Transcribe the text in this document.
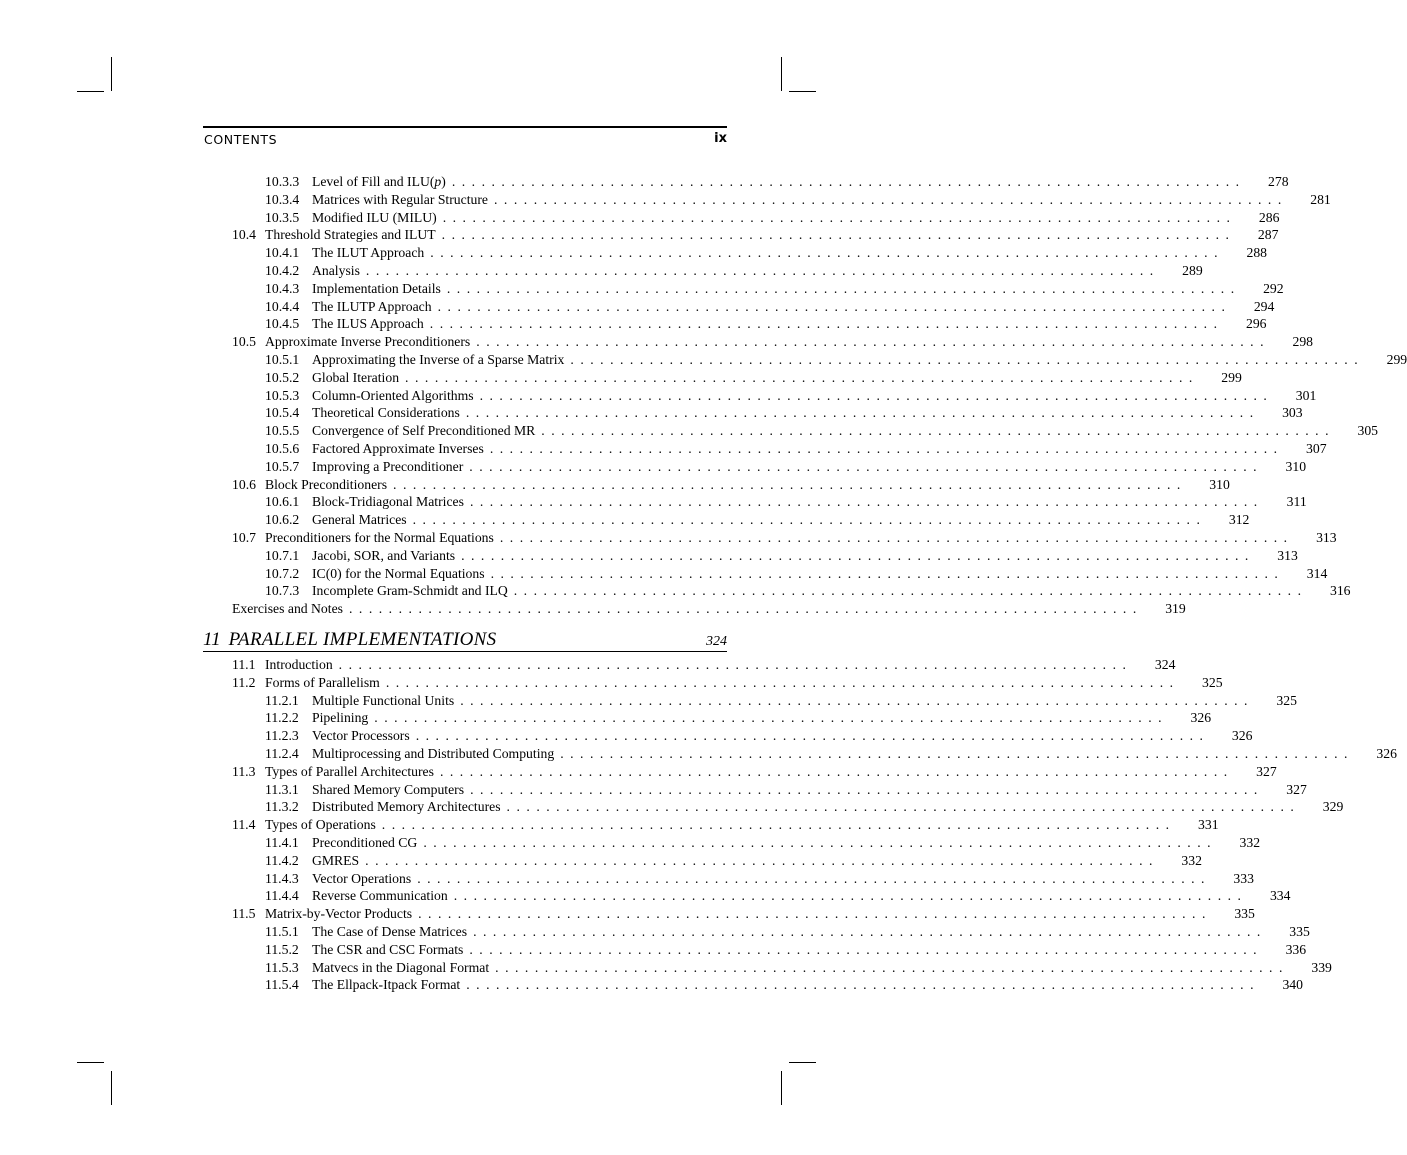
CONTENTS	ix
10.3.3 Level of Fill and ILU(p) ................................................................................	278
10.3.4 Matrices with Regular Structure ................................................................................	281
10.3.5 Modified ILU (MILU) ................................................................................	286
10.4 Threshold Strategies and ILUT ................................................................................	287
10.4.1 The ILUT Approach ................................................................................	288
10.4.2 Analysis ................................................................................	289
10.4.3 Implementation Details ................................................................................	292
10.4.4 The ILUTP Approach ................................................................................	294
10.4.5 The ILUS Approach ................................................................................	296
10.5 Approximate Inverse Preconditioners ................................................................................	298
10.5.1 Approximating the Inverse of a Sparse Matrix ................................................................................	299
10.5.2 Global Iteration ................................................................................	299
10.5.3 Column-Oriented Algorithms ................................................................................	301
10.5.4 Theoretical Considerations ................................................................................	303
10.5.5 Convergence of Self Preconditioned MR ................................................................................	305
10.5.6 Factored Approximate Inverses ................................................................................	307
10.5.7 Improving a Preconditioner ................................................................................	310
10.6 Block Preconditioners ................................................................................	310
10.6.1 Block-Tridiagonal Matrices ................................................................................	311
10.6.2 General Matrices ................................................................................	312
10.7 Preconditioners for the Normal Equations ................................................................................	313
10.7.1 Jacobi, SOR, and Variants ................................................................................	313
10.7.2 IC(0) for the Normal Equations ................................................................................	314
10.7.3 Incomplete Gram-Schmidt and ILQ ................................................................................	316
Exercises and Notes ................................................................................	319
11 PARALLEL IMPLEMENTATIONS	324
11.1 Introduction ................................................................................	324
11.2 Forms of Parallelism ................................................................................	325
11.2.1 Multiple Functional Units ................................................................................	325
11.2.2 Pipelining ................................................................................	326
11.2.3 Vector Processors ................................................................................	326
11.2.4 Multiprocessing and Distributed Computing ................................................................................	326
11.3 Types of Parallel Architectures ................................................................................	327
11.3.1 Shared Memory Computers ................................................................................	327
11.3.2 Distributed Memory Architectures ................................................................................	329
11.4 Types of Operations ................................................................................	331
11.4.1 Preconditioned CG ................................................................................	332
11.4.2 GMRES ................................................................................	332
11.4.3 Vector Operations ................................................................................	333
11.4.4 Reverse Communication ................................................................................	334
11.5 Matrix-by-Vector Products ................................................................................	335
11.5.1 The Case of Dense Matrices ................................................................................	335
11.5.2 The CSR and CSC Formats ................................................................................	336
11.5.3 Matvecs in the Diagonal Format ................................................................................	339
11.5.4 The Ellpack-Itpack Format ................................................................................	340
